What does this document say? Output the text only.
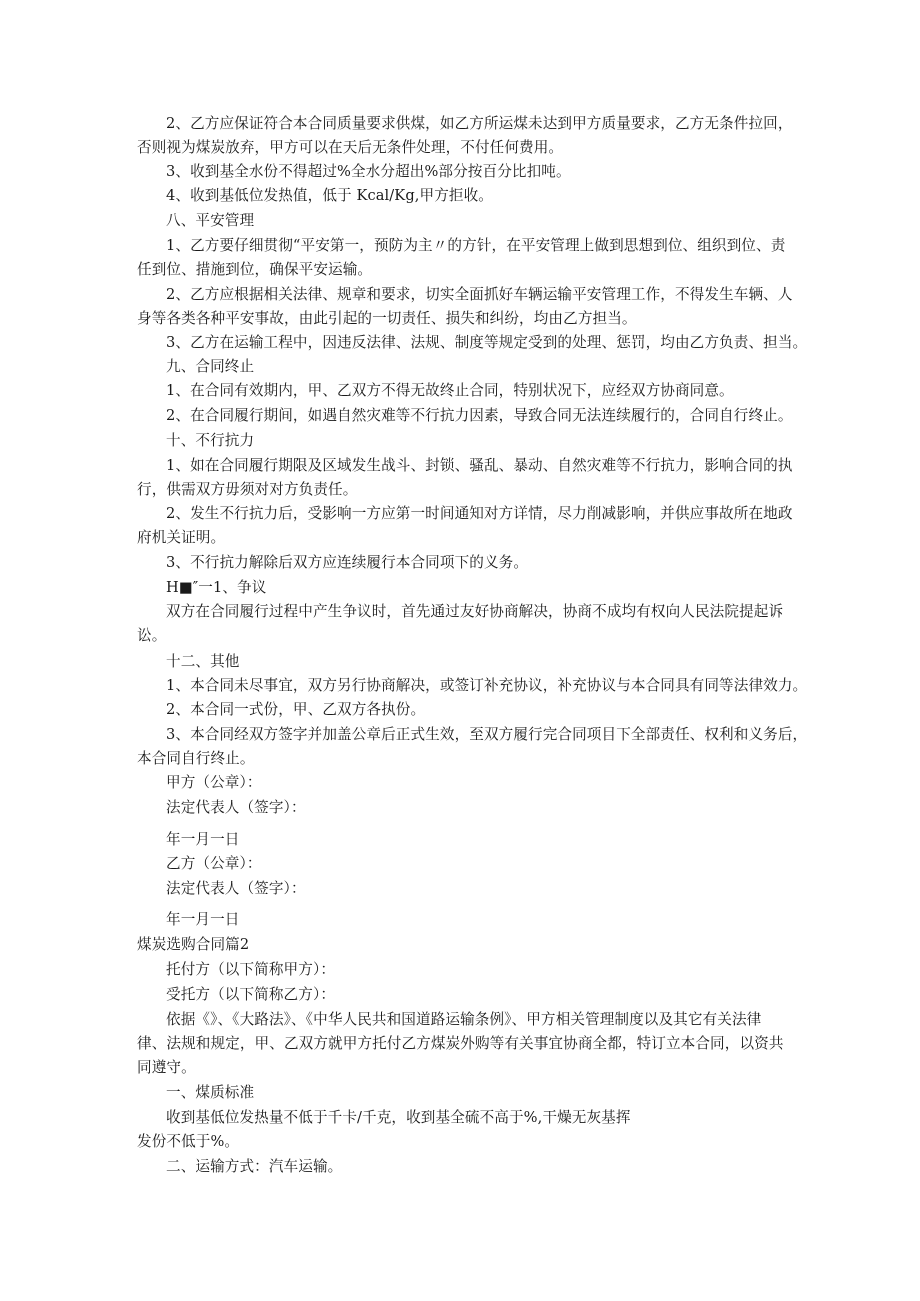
2、乙方应保证符合本合同质量要求供煤，如乙方所运煤未达到甲方质量要求，乙方无条件拉回，
否则视为煤炭放弃，甲方可以在天后无条件处理，不付任何费用。
3、收到基全水份不得超过%全水分超出%部分按百分比扣吨。
4、收到基低位发热值，低于 Kcal/Kg,甲方拒收。
八、平安管理
1、乙方要仔细贯彻“平安第一，预防为主〃的方针，在平安管理上做到思想到位、组织到位、责
任到位、措施到位，确保平安运输。
2、乙方应根据相关法律、规章和要求，切实全面抓好车辆运输平安管理工作，不得发生车辆、人
身等各类各种平安事故，由此引起的一切责任、损失和纠纷，均由乙方担当。
3、乙方在运输工程中，因违反法律、法规、制度等规定受到的处理、惩罚，均由乙方负责、担当。
九、合同终止
1、在合同有效期内，甲、乙双方不得无故终止合同，特别状况下，应经双方协商同意。
2、在合同履行期间，如遇自然灾难等不行抗力因素，导致合同无法连续履行的，合同自行终止。
十、不行抗力
1、如在合同履行期限及区域发生战斗、封锁、骚乱、暴动、自然灾难等不行抗力，影响合同的执
行，供需双方毋须对对方负责任。
2、发生不行抗力后，受影响一方应第一时间通知对方详情，尽力削减影响，并供应事故所在地政
府机关证明。
3、不行抗力解除后双方应连续履行本合同项下的义务。
H■″一1、争议
双方在合同履行过程中产生争议时，首先通过友好协商解决，协商不成均有权向人民法院提起诉
讼。
十二、其他
1、本合同未尽事宜，双方另行协商解决，或签订补充协议，补充协议与本合同具有同等法律效力。
2、本合同一式份，甲、乙双方各执份。
3、本合同经双方签字并加盖公章后正式生效，至双方履行完合同项目下全部责任、权利和义务后，
本合同自行终止。
甲方（公章）：
法定代表人（签字）：
年一月一日
乙方（公章）：
法定代表人（签字）：
年一月一日
煤炭选购合同篇2
托付方（以下简称甲方）：
受托方（以下简称乙方）：
依据《》、《大路法》、《中华人民共和国道路运输条例》、甲方相关管理制度以及其它有关法律
律、法规和规定，甲、乙双方就甲方托付乙方煤炭外购等有关事宜协商全都，特订立本合同，以资共
同遵守。
一、煤质标准
收到基低位发热量不低于千卡/千克，收到基全硫不高于%,干燥无灰基挥
发份不低于%。
二、运输方式：汽车运输。
